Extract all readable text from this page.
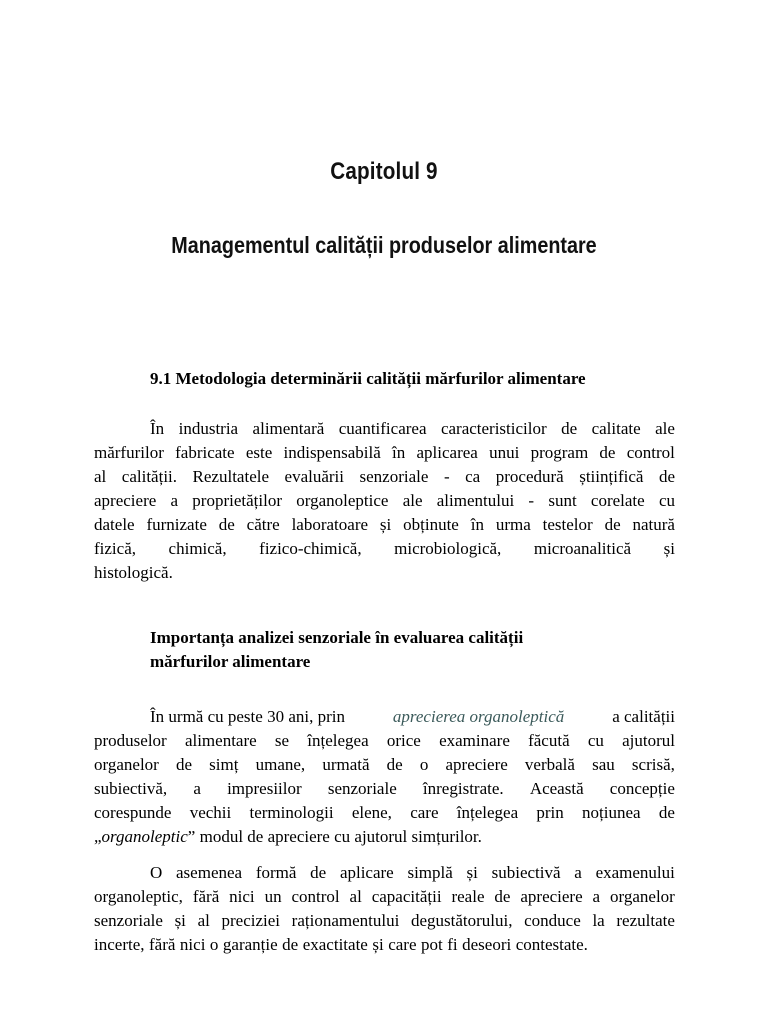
Capitolul 9
Managementul calității produselor alimentare
9.1 Metodologia determinării calității mărfurilor alimentare
În industria alimentară cuantificarea caracteristicilor de calitate ale
mărfurilor fabricate este indispensabilă în aplicarea unui program de control
al calității. Rezultatele evaluării senzoriale - ca procedură științifică de
apreciere a proprietăților organoleptice ale alimentului - sunt corelate cu
datele furnizate de către laboratoare și obținute în urma testelor de natură
fizică, chimică, fizico-chimică, microbiologică, microanalitică și
histologică.
Importanța analizei senzoriale în evaluarea calității
mărfurilor alimentare
În urmă cu peste 30 ani, prin	aprecierea organoleptică	a calității
produselor alimentare se înțelegea orice examinare făcută cu ajutorul
organelor de simț umane, urmată de o apreciere verbală sau scrisă,
subiectivă, a impresiilor senzoriale înregistrate. Această concepție
corespunde vechii terminologii elene, care înțelegea prin noțiunea de
„ organoleptic ” modul de apreciere cu ajutorul simțurilor.
O asemenea formă de aplicare simplă și subiectivă a examenului
organoleptic, fără nici un control al capacității reale de apreciere a organelor
senzoriale și al preciziei raționamentului degustătorului, conduce la rezultate
incerte, fără nici o garanție de exactitate și care pot fi deseori contestate.
